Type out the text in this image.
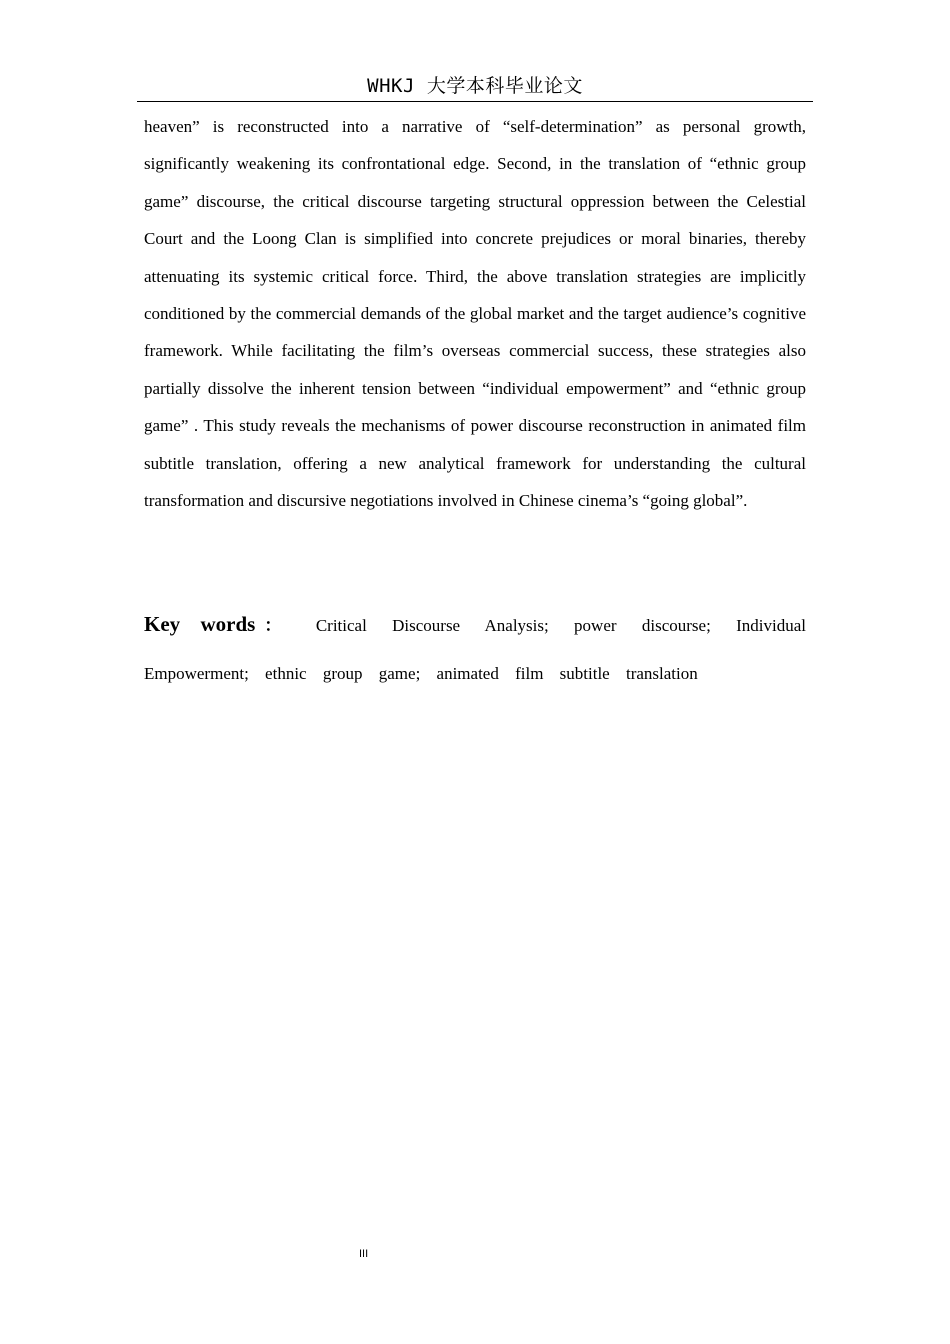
WHKJ 大学本科毕业论文

heaven” is reconstructed into a narrative of “self-determination” as personal growth, significantly weakening its confrontational edge. Second, in the translation of “ethnic group game” discourse, the critical discourse targeting structural oppression between the Celestial Court and the Loong Clan is simplified into concrete prejudices or moral binaries, thereby attenuating its systemic critical force. Third, the above translation strategies are implicitly conditioned by the commercial demands of the global market and the target audience’s cognitive framework. While facilitating the film’s overseas commercial success, these strategies also partially dissolve the inherent tension between “individual empowerment” and “ethnic group game” . This study reveals the mechanisms of power discourse reconstruction in animated film subtitle translation, offering a new analytical framework for understanding the cultural transformation and discursive negotiations involved in Chinese cinema’s “going global”.

Key words： Critical Discourse Analysis; power discourse; Individual Empowerment; ethnic group game; animated film subtitle translation

III
